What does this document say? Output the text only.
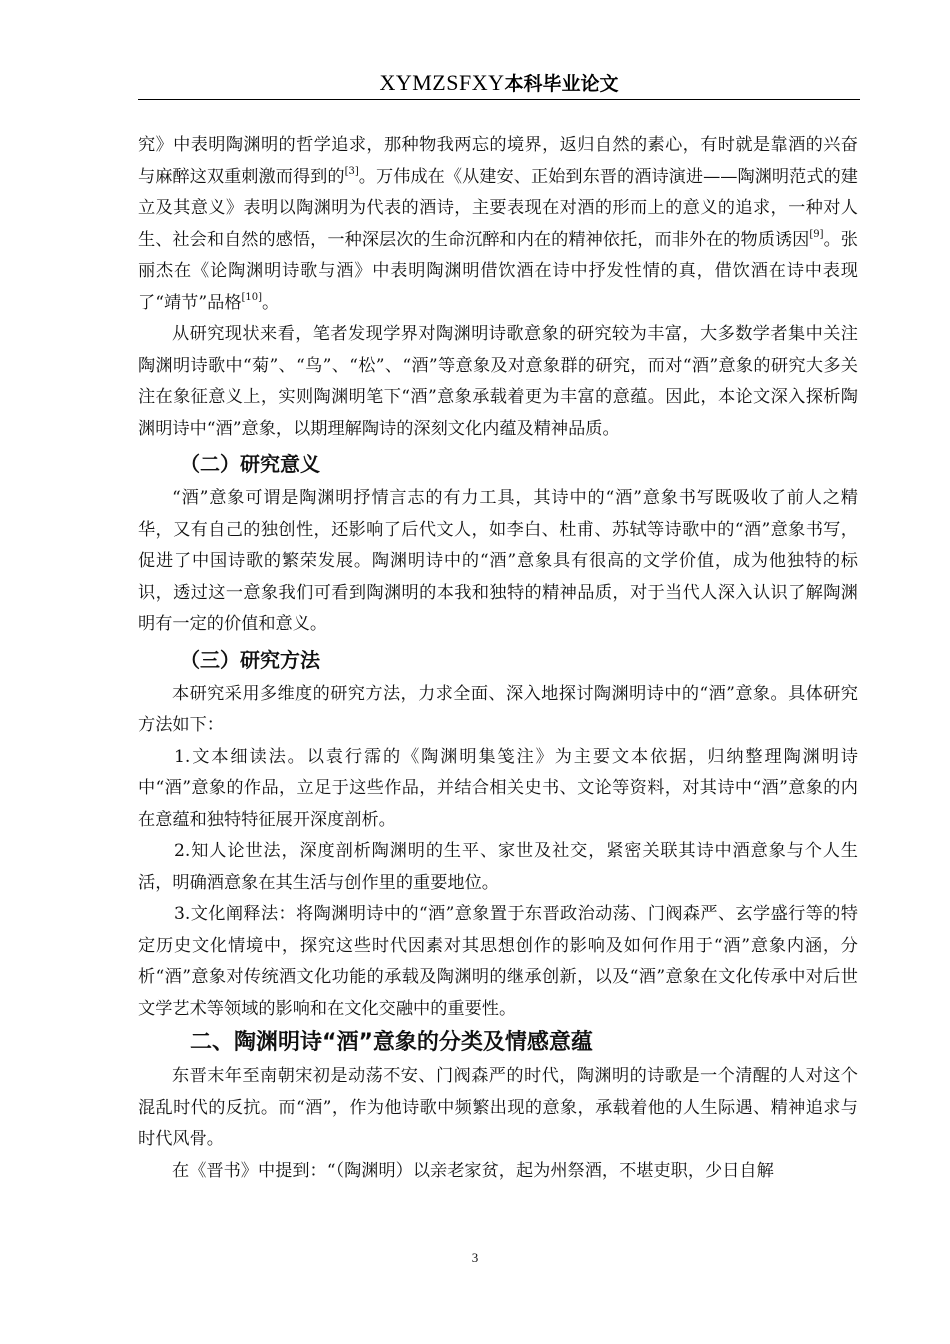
XYMZSFXY本科毕业论文

究》中表明陶渊明的哲学追求，那种物我两忘的境界，返归自然的素心，有时就是靠酒的兴奋与麻醉这双重刺激而得到的[3]。万伟成在《从建安、正始到东晋的酒诗演进——陶渊明范式的建立及其意义》表明以陶渊明为代表的酒诗，主要表现在对酒的形而上的意义的追求，一种对人生、社会和自然的感悟，一种深层次的生命沉醉和内在的精神依托，而非外在的物质诱因[9]。张丽杰在《论陶渊明诗歌与酒》中表明陶渊明借饮酒在诗中抒发性情的真，借饮酒在诗中表现了“靖节”品格[10]。

从研究现状来看，笔者发现学界对陶渊明诗歌意象的研究较为丰富，大多数学者集中关注陶渊明诗歌中“菊”、“鸟”、“松”、“酒”等意象及对意象群的研究，而对“酒”意象的研究大多关注在象征意义上，实则陶渊明笔下“酒”意象承载着更为丰富的意蕴。因此，本论文深入探析陶渊明诗中“酒”意象，以期理解陶诗的深刻文化内蕴及精神品质。

（二）研究意义

“酒”意象可谓是陶渊明抒情言志的有力工具，其诗中的“酒”意象书写既吸收了前人之精华，又有自己的独创性，还影响了后代文人，如李白、杜甫、苏轼等诗歌中的“酒”意象书写，促进了中国诗歌的繁荣发展。陶渊明诗中的“酒”意象具有很高的文学价值，成为他独特的标识，透过这一意象我们可看到陶渊明的本我和独特的精神品质，对于当代人深入认识了解陶渊明有一定的价值和意义。

（三）研究方法

本研究采用多维度的研究方法，力求全面、深入地探讨陶渊明诗中的“酒”意象。具体研究方法如下：

1.文本细读法。以袁行霈的《陶渊明集笺注》为主要文本依据，归纳整理陶渊明诗中“酒”意象的作品，立足于这些作品，并结合相关史书、文论等资料，对其诗中“酒”意象的内在意蕴和独特特征展开深度剖析。

2.知人论世法，深度剖析陶渊明的生平、家世及社交，紧密关联其诗中酒意象与个人生活，明确酒意象在其生活与创作里的重要地位。

3.文化阐释法：将陶渊明诗中的“酒”意象置于东晋政治动荡、门阀森严、玄学盛行等的特定历史文化情境中，探究这些时代因素对其思想创作的影响及如何作用于“酒”意象内涵，分析“酒”意象对传统酒文化功能的承载及陶渊明的继承创新，以及“酒”意象在文化传承中对后世文学艺术等领域的影响和在文化交融中的重要性。

二、陶渊明诗“酒”意象的分类及情感意蕴

东晋末年至南朝宋初是动荡不安、门阀森严的时代，陶渊明的诗歌是一个清醒的人对这个混乱时代的反抗。而“酒”，作为他诗歌中频繁出现的意象，承载着他的人生际遇、精神追求与时代风骨。

在《晋书》中提到：“（陶渊明）以亲老家贫，起为州祭酒，不堪吏职，少日自解

3
